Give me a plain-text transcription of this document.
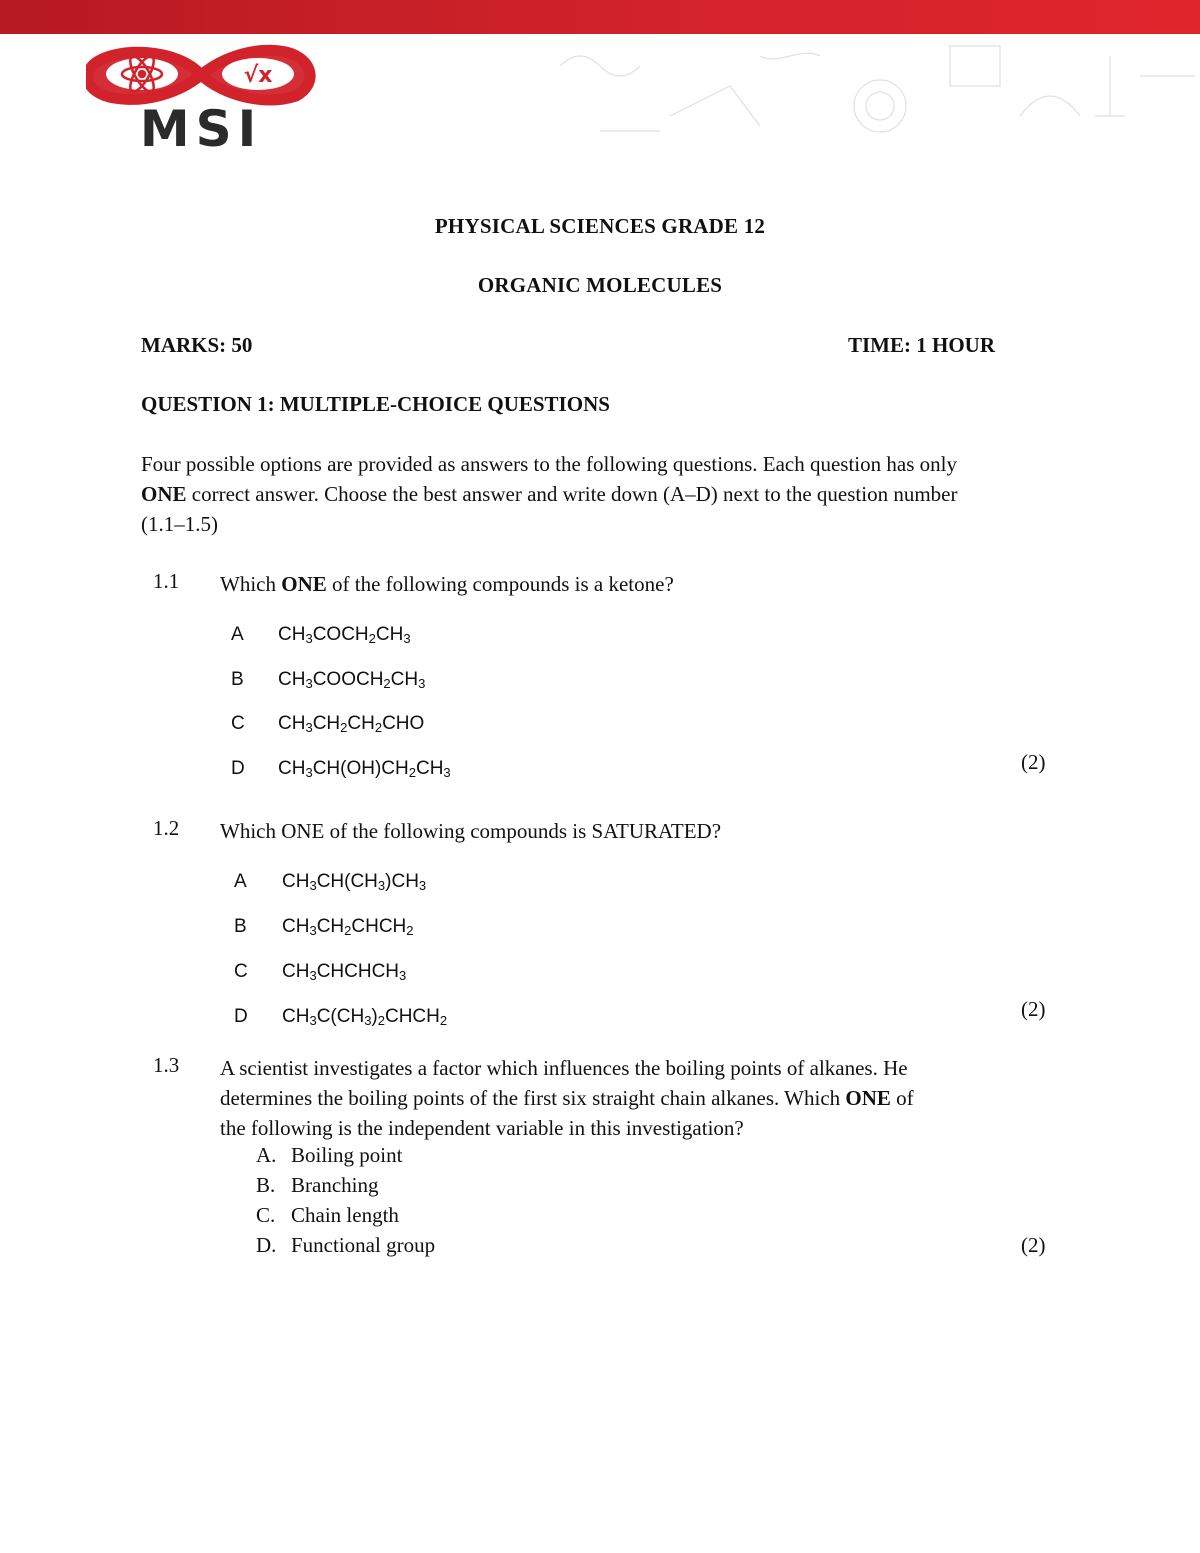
√x
MSI
PHYSICAL SCIENCES GRADE 12
ORGANIC MOLECULES
MARKS: 50	TIME: 1 HOUR
QUESTION 1: MULTIPLE-CHOICE QUESTIONS
Four possible options are provided as answers to the following questions. Each question has only
ONE correct answer. Choose the best answer and write down (A–D) next to the question number
(1.1–1.5)
1.1 Which ONE of the following compounds is a ketone?
A $CH_3COCH_2CH_3$
B $CH_3COOCH_2CH_3$
C $CH_3CH_2CH_2CHO$
D $CH_3CH(OH)CH_2CH_3$	(2)
1.2 Which ONE of the following compounds is SATURATED?
A $CH_3CH(CH_3)CH_3$
B $CH_3CH_2CHCH_2$
C $CH_3CHCHCH_3$
D $CH_3C(CH_3)_2CHCH_2$	(2)
1.3 A scientist investigates a factor which influences the boiling points of alkanes. He
determines the boiling points of the first six straight chain alkanes. Which ONE of
the following is the independent variable in this investigation?
A. Boiling point
B. Branching
C. Chain length
D. Functional group	(2)
